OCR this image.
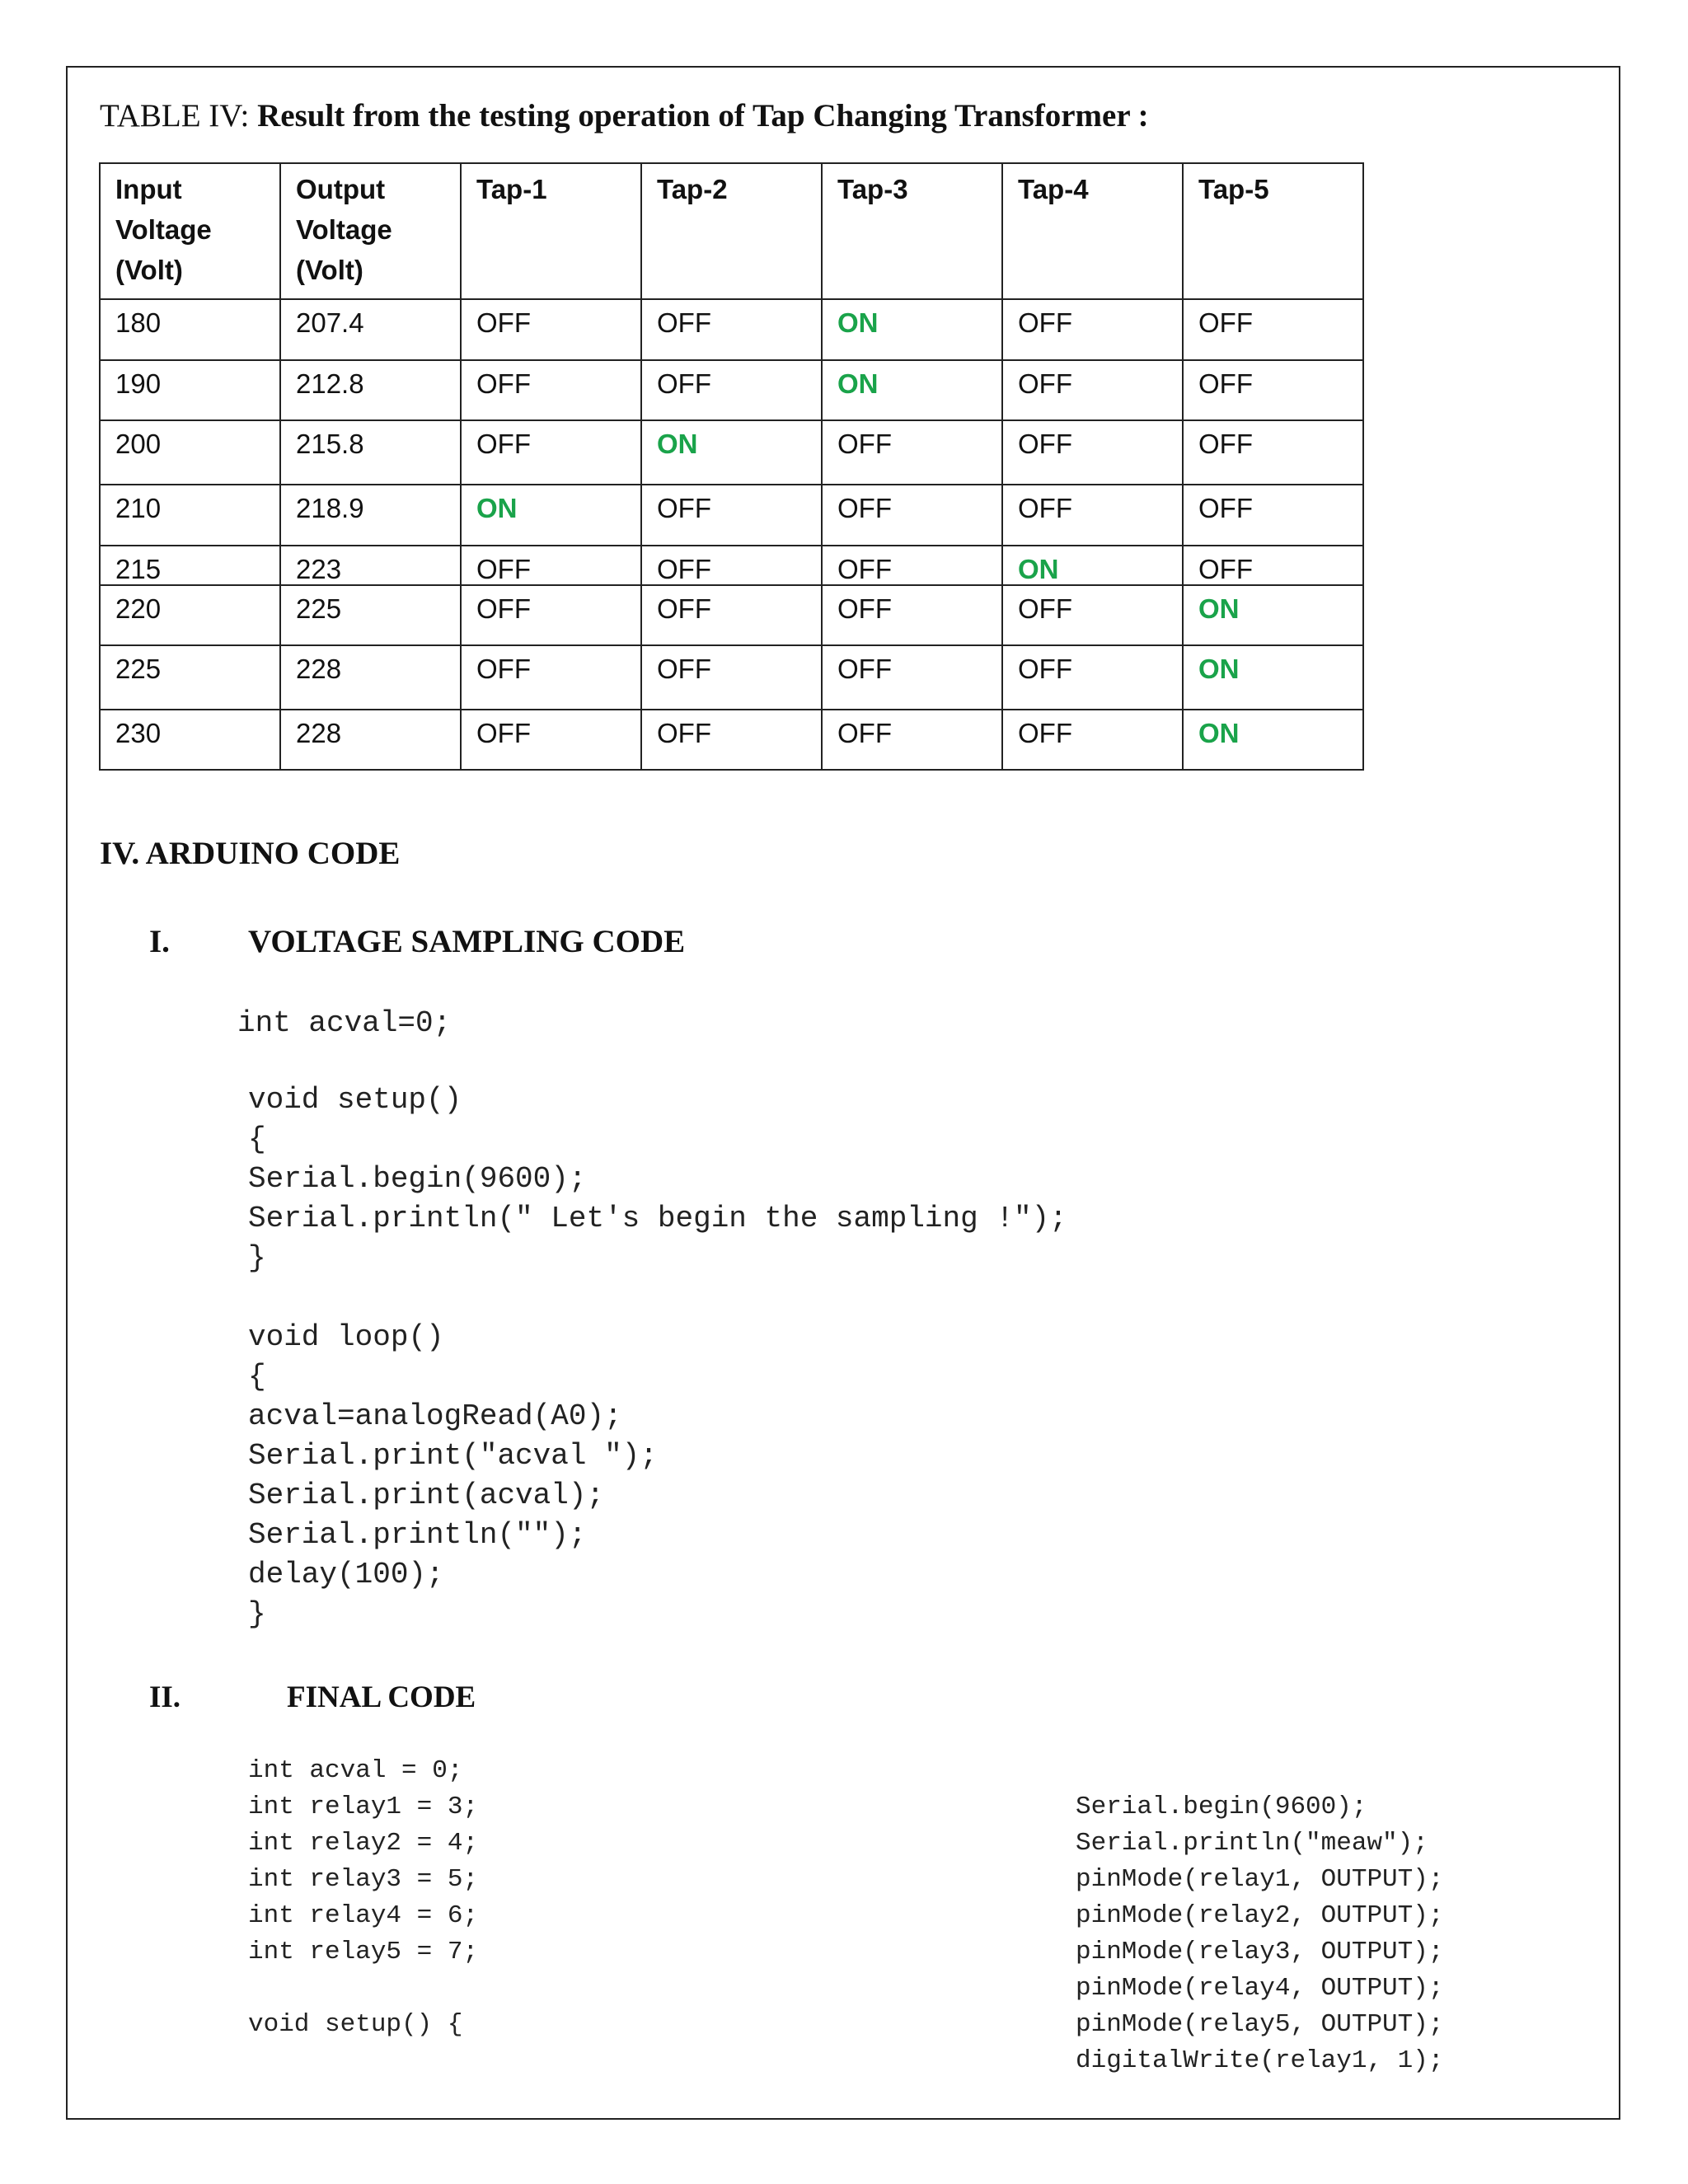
TABLE IV: Result from the testing operation of Tap Changing Transformer :
Input Voltage (Volt)	Output Voltage (Volt)	Tap-1	Tap-2	Tap-3	Tap-4	Tap-5
180	207.4	OFF	OFF	ON	OFF	OFF
190	212.8	OFF	OFF	ON	OFF	OFF
200	215.8	OFF	ON	OFF	OFF	OFF
210	218.9	ON	OFF	OFF	OFF	OFF
215	223	OFF	OFF	OFF	ON	OFF
220	225	OFF	OFF	OFF	OFF	ON
225	228	OFF	OFF	OFF	OFF	ON
230	228	OFF	OFF	OFF	OFF	ON
IV. ARDUINO CODE
I. VOLTAGE SAMPLING CODE
int acval=0;
void setup()
{
Serial.begin(9600);
Serial.println(" Let's begin the sampling !");
}
void loop()
{
acval=analogRead(A0);
Serial.print("acval ");
Serial.print(acval);
Serial.println("");
delay(100);
}
II.	FINAL CODE
int acval = 0;
int relay1 = 3;
int relay2 = 4;
int relay3 = 5;
int relay4 = 6;
int relay5 = 7;
void setup() {
Serial.begin(9600);
Serial.println("meaw");
pinMode(relay1, OUTPUT);
pinMode(relay2, OUTPUT);
pinMode(relay3, OUTPUT);
pinMode(relay4, OUTPUT);
pinMode(relay5, OUTPUT);
digitalWrite(relay1, 1);
